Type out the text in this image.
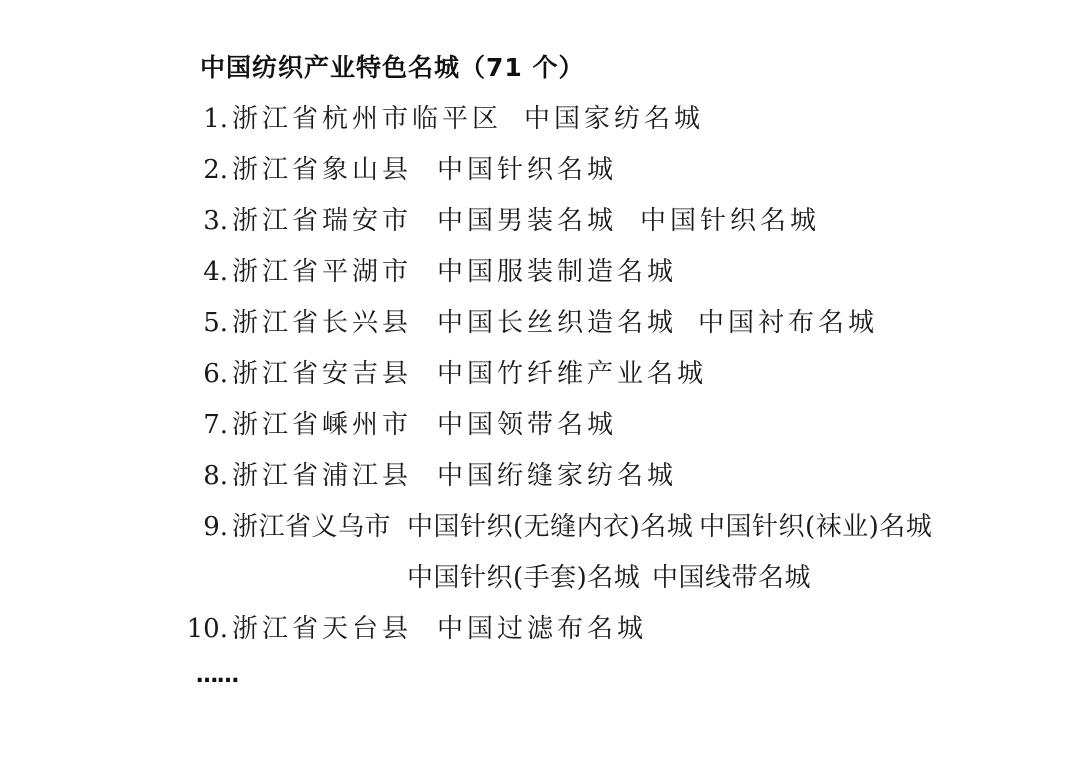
中国纺织产业特色名城（71 个）
1. 浙江省杭州市临平区 中国家纺名城
2. 浙江省象山县 中国针织名城
3. 浙江省瑞安市 中国男装名城 中国针织名城
4. 浙江省平湖市 中国服装制造名城
5. 浙江省长兴县 中国长丝织造名城 中国衬布名城
6. 浙江省安吉县 中国竹纤维产业名城
7. 浙江省嵊州市 中国领带名城
8. 浙江省浦江县 中国绗缝家纺名城
9. 浙江省义乌市 中国针织(无缝内衣)名城 中国针织(袜业)名城
中国针织(手套)名城 中国线带名城
10. 浙江省天台县 中国过滤布名城
……
